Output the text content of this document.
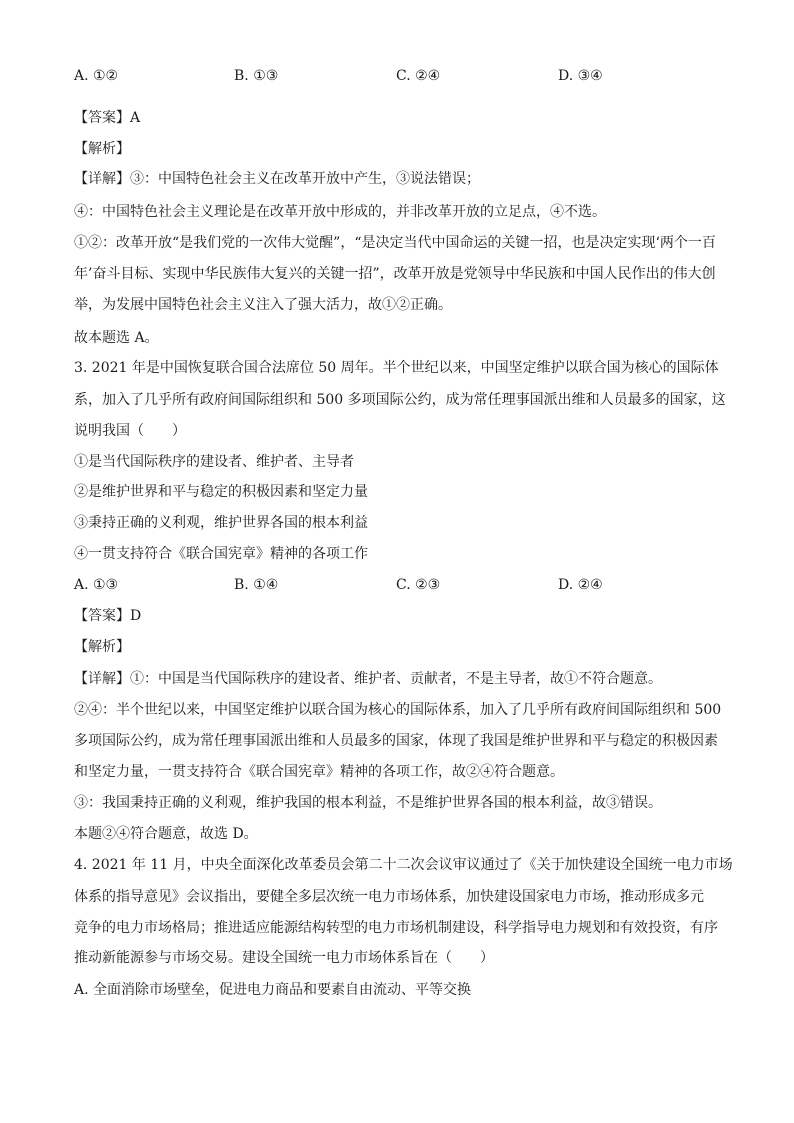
A. ①②	B. ①③	C. ②④	D. ③④
【答案】A
【解析】
【详解】③：中国特色社会主义在改革开放中产生，③说法错误；
④：中国特色社会主义理论是在改革开放中形成的，并非改革开放的立足点，④不选。
①②：改革开放“是我们党的一次伟大觉醒”，“是决定当代中国命运的关键一招，也是决定实现‘两个一百
年’奋斗目标、实现中华民族伟大复兴的关键一招”，改革开放是党领导中华民族和中国人民作出的伟大创
举，为发展中国特色社会主义注入了强大活力，故①②正确。
故本题选 A。
3. 2021 年是中国恢复联合国合法席位 50 周年。半个世纪以来，中国坚定维护以联合国为核心的国际体
系，加入了几乎所有政府间国际组织和 500 多项国际公约，成为常任理事国派出维和人员最多的国家，这
说明我国（　　）
①是当代国际秩序的建设者、维护者、主导者
②是维护世界和平与稳定的积极因素和坚定力量
③秉持正确的义利观，维护世界各国的根本利益
④一贯支持符合《联合国宪章》精神的各项工作
A. ①③	B. ①④	C. ②③	D. ②④
【答案】D
【解析】
【详解】①：中国是当代国际秩序的建设者、维护者、贡献者，不是主导者，故①不符合题意。
②④：半个世纪以来，中国坚定维护以联合国为核心的国际体系，加入了几乎所有政府间国际组织和 500
多项国际公约，成为常任理事国派出维和人员最多的国家，体现了我国是维护世界和平与稳定的积极因素
和坚定力量，一贯支持符合《联合国宪章》精神的各项工作，故②④符合题意。
③：我国秉持正确的义利观，维护我国的根本利益，不是维护世界各国的根本利益，故③错误。
本题②④符合题意，故选 D。
4. 2021 年 11 月，中央全面深化改革委员会第二十二次会议审议通过了《关于加快建设全国统一电力市场
体系的指导意见》会议指出，要健全多层次统一电力市场体系，加快建设国家电力市场，推动形成多元
竞争的电力市场格局；推进适应能源结构转型的电力市场机制建设，科学指导电力规划和有效投资，有序
推动新能源参与市场交易。建设全国统一电力市场体系旨在（　　）
A. 全面消除市场壁垒，促进电力商品和要素自由流动、平等交换
